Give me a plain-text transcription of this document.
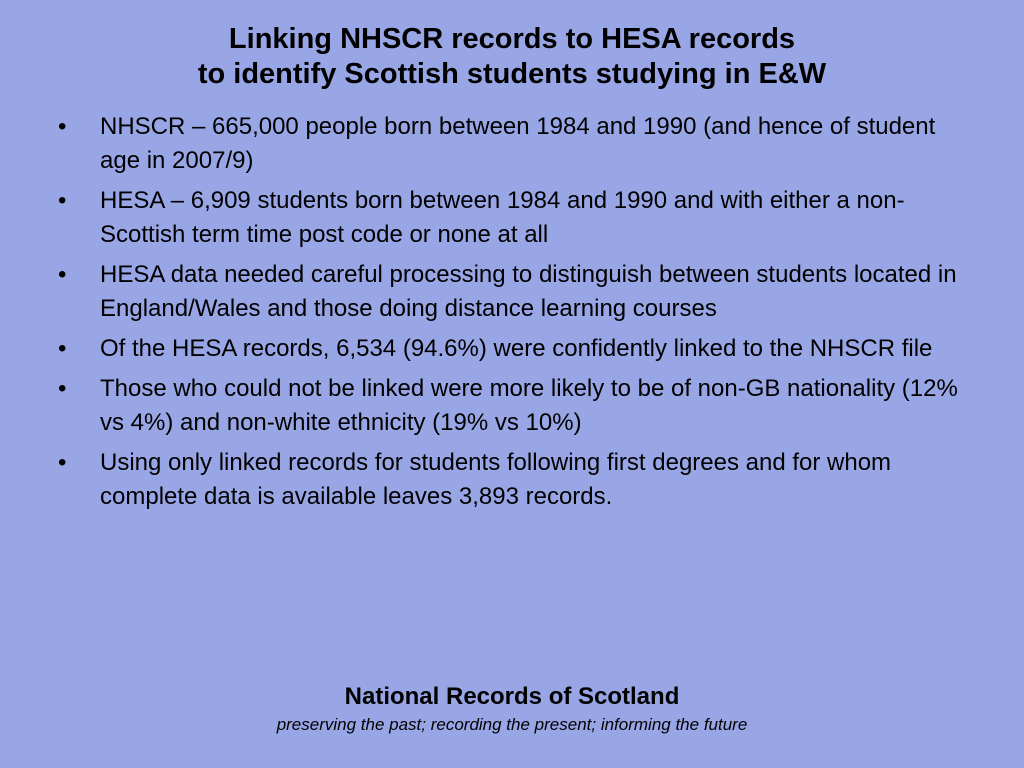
Linking NHSCR records to HESA records
to identify Scottish students studying in E&W
• NHSCR – 665,000 people born between 1984 and 1990 (and hence of student age in 2007/9)
• HESA – 6,909 students born between 1984 and 1990 and with either a non-Scottish term time post code or none at all
• HESA data needed careful processing to distinguish between students located in England/Wales and those doing distance learning courses
• Of the HESA records, 6,534 (94.6%) were confidently linked to the NHSCR file
• Those who could not be linked were more likely to be of non-GB nationality (12% vs 4%) and non-white ethnicity (19% vs 10%)
• Using only linked records for students following first degrees and for whom complete data is available leaves 3,893 records.
National Records of Scotland
preserving the past; recording the present; informing the future
